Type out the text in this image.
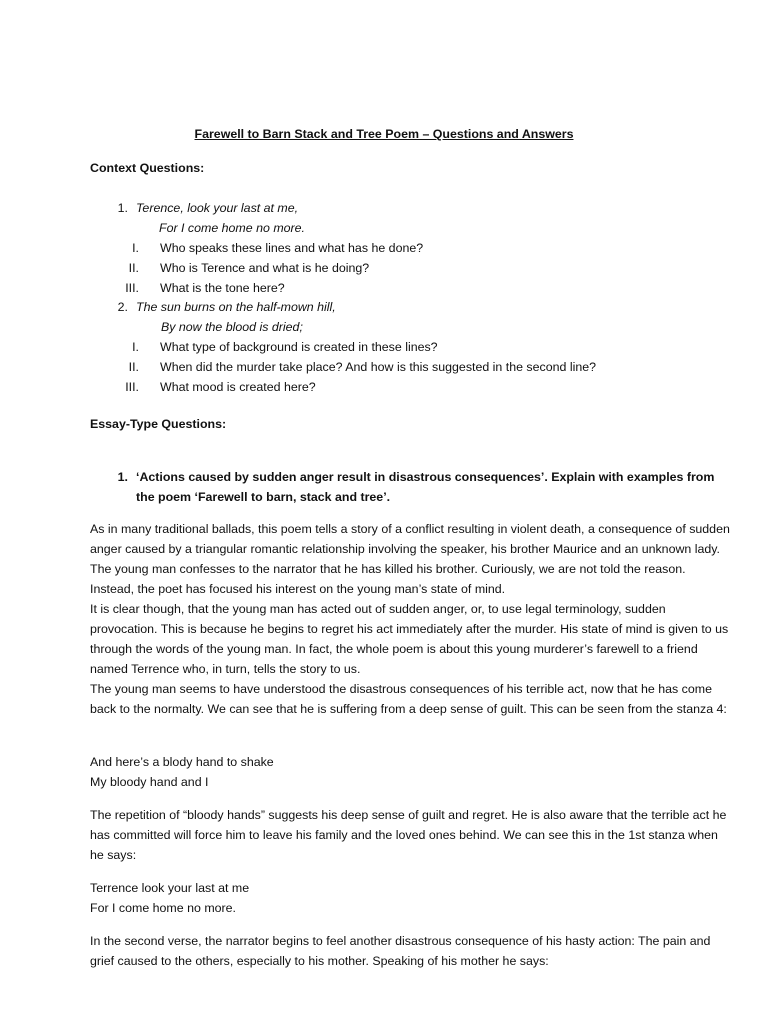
Farewell to Barn Stack and Tree Poem – Questions and Answers
Context Questions:
1. Terence, look your last at me,
For I come home no more.
I.	Who speaks these lines and what has he done?
II.	Who is Terence and what is he doing?
III.	What is the tone here?
2. The sun burns on the half-mown hill,
By now the blood is dried;
I.	What type of background is created in these lines?
II.	When did the murder take place? And how is this suggested in the second line?
III.	What mood is created here?
Essay-Type Questions:
1. ‘Actions caused by sudden anger result in disastrous consequences’. Explain with examples from the poem ‘Farewell to barn, stack and tree’.

As in many traditional ballads, this poem tells a story of a conflict resulting in violent death, a consequence of sudden anger caused by a triangular romantic relationship involving the speaker, his brother Maurice and an unknown lady. The young man confesses to the narrator that he has killed his brother. Curiously, we are not told the reason. Instead, the poet has focused his interest on the young man’s state of mind.

It is clear though, that the young man has acted out of sudden anger, or, to use legal terminology, sudden provocation. This is because he begins to regret his act immediately after the murder. His state of mind is given to us through the words of the young man. In fact, the whole poem is about this young murderer’s farewell to a friend named Terrence who, in turn, tells the story to us.

The young man seems to have understood the disastrous consequences of his terrible act, now that he has come back to the normalty. We can see that he is suffering from a deep sense of guilt. This can be seen from the stanza 4:

And here’s a blody hand to shake

My bloody hand and I

The repetition of “bloody hands” suggests his deep sense of guilt and regret. He is also aware that the terrible act he has committed will force him to leave his family and the loved ones behind. We can see this in the 1st stanza when he says:

Terrence look your last at me

For I come home no more.

In the second verse, the narrator begins to feel another disastrous consequence of his hasty action: The pain and grief caused to the others, especially to his mother. Speaking of his mother he says:
